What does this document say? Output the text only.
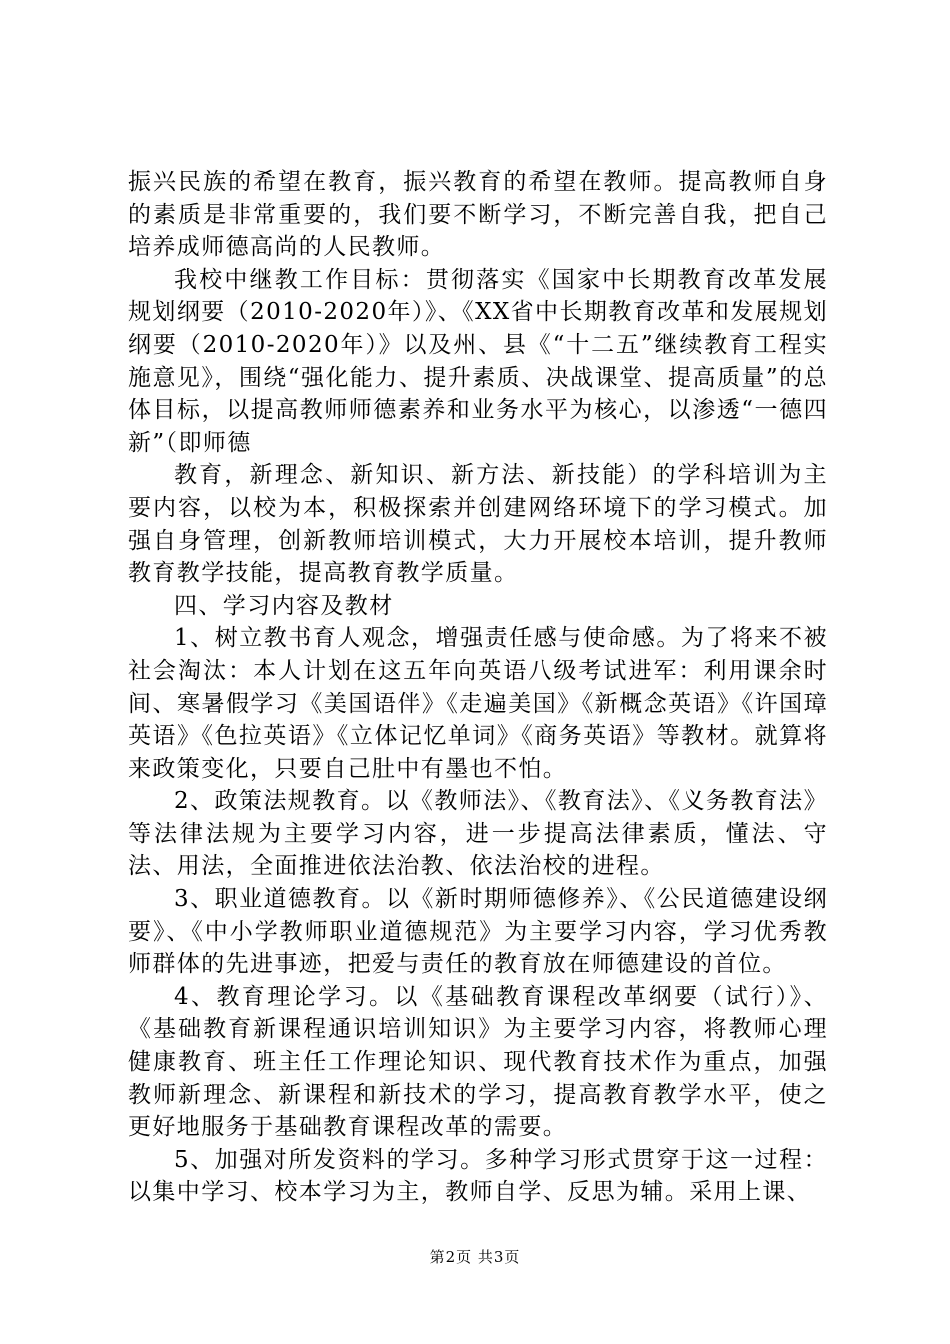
振兴民族的希望在教育，振兴教育的希望在教师。提高教师自身的素质是非常重要的，我们要不断学习，不断完善自我，把自己培养成师德高尚的人民教师。

我校中继教工作目标：贯彻落实《国家中长期教育改革发展规划纲要（2010-2020年）》、《XX省中长期教育改革和发展规划纲要（2010-2020年）》以及州、县《“十二五”继续教育工程实施意见》，围绕“强化能力、提升素质、决战课堂、提高质量”的总体目标，以提高教师师德素养和业务水平为核心，以渗透“一德四新”（即师德

教育，新理念、新知识、新方法、新技能）的学科培训为主要内容，以校为本，积极探索并创建网络环境下的学习模式。加强自身管理，创新教师培训模式，大力开展校本培训，提升教师教育教学技能，提高教育教学质量。

四、学习内容及教材

1、树立教书育人观念，增强责任感与使命感。为了将来不被社会淘汰：本人计划在这五年向英语八级考试进军：利用课余时间、寒暑假学习《美国语伴》《走遍美国》《新概念英语》《许国璋英语》《色拉英语》《立体记忆单词》《商务英语》等教材。就算将来政策变化，只要自己肚中有墨也不怕。

2、政策法规教育。以《教师法》、《教育法》、《义务教育法》等法律法规为主要学习内容，进一步提高法律素质，懂法、守法、用法，全面推进依法治教、依法治校的进程。

3、职业道德教育。以《新时期师德修养》、《公民道德建设纲要》、《中小学教师职业道德规范》为主要学习内容，学习优秀教师群体的先进事迹，把爱与责任的教育放在师德建设的首位。

4、教育理论学习。以《基础教育课程改革纲要（试行）》、《基础教育新课程通识培训知识》为主要学习内容，将教师心理健康教育、班主任工作理论知识、现代教育技术作为重点，加强教师新理念、新课程和新技术的学习，提高教育教学水平，使之更好地服务于基础教育课程改革的需要。

5、加强对所发资料的学习。多种学习形式贯穿于这一过程：以集中学习、校本学习为主，教师自学、反思为辅。采用上课、

第2页 共3页
